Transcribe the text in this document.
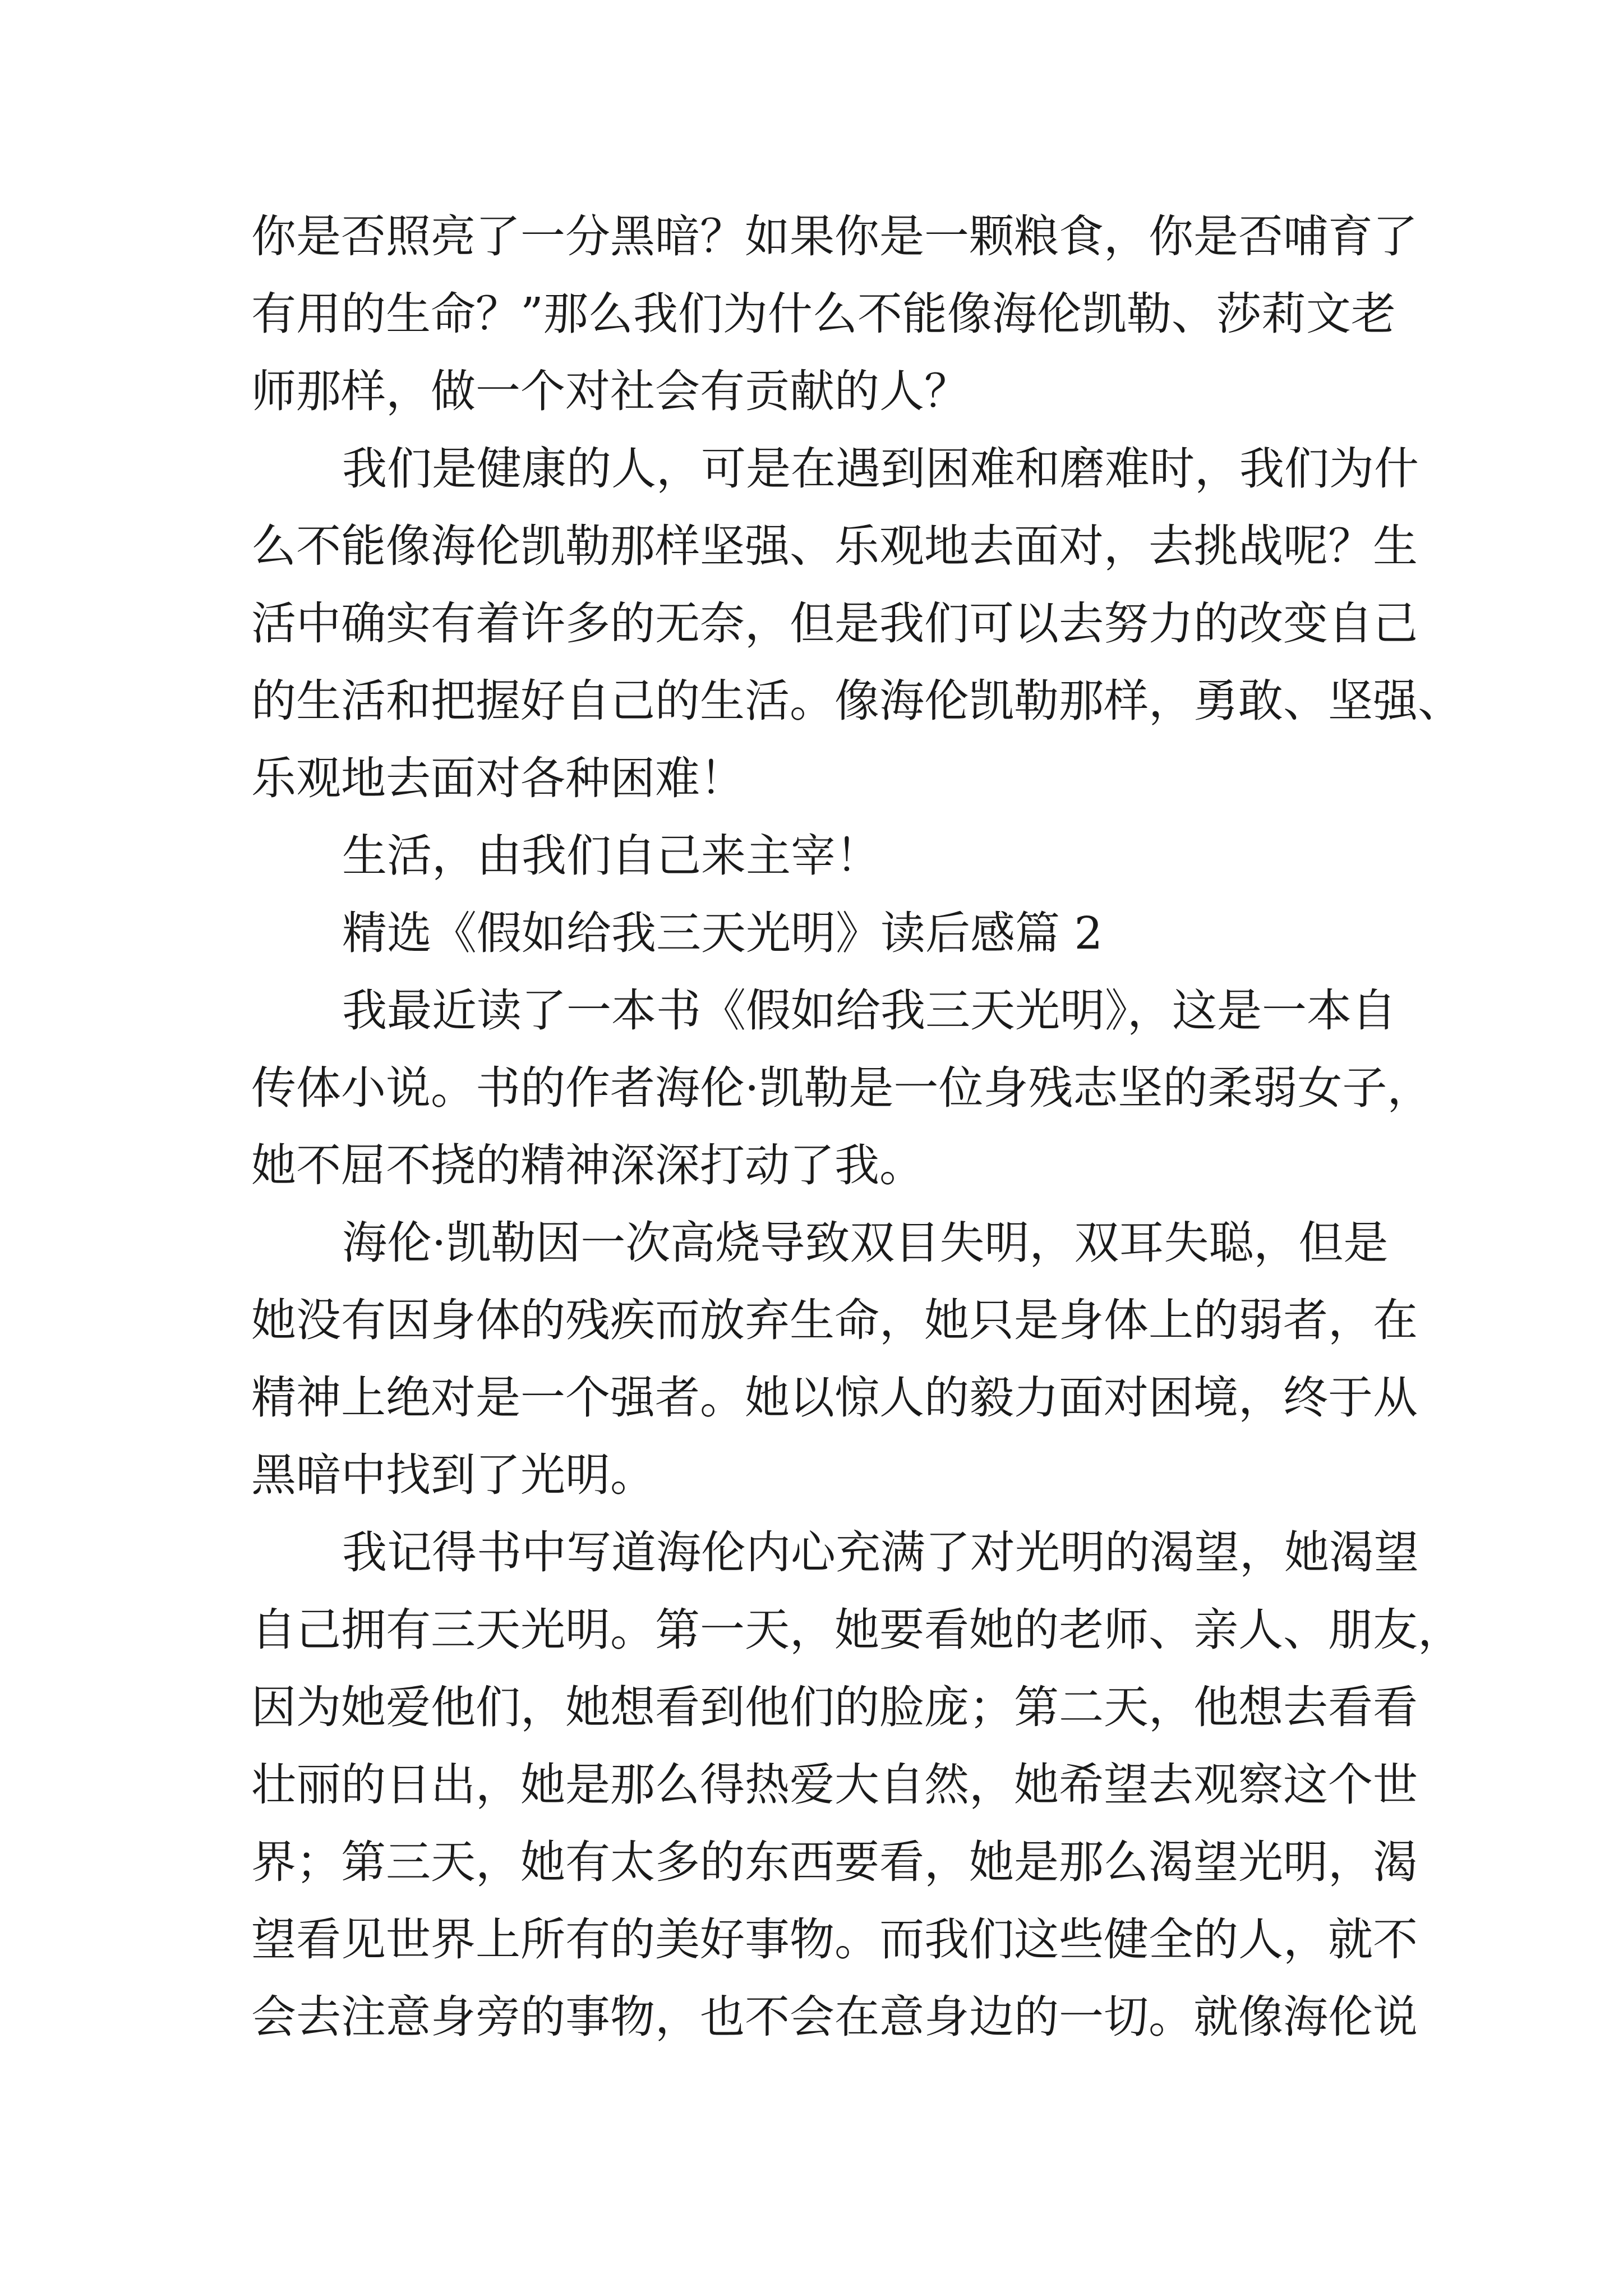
你是否照亮了一分黑暗？如果你是一颗粮食，你是否哺育了
有用的生命？”那么我们为什么不能像海伦凯勒、莎莉文老
师那样，做一个对社会有贡献的人？
我们是健康的人，可是在遇到困难和磨难时，我们为什
么不能像海伦凯勒那样坚强、乐观地去面对，去挑战呢？生
活中确实有着许多的无奈，但是我们可以去努力的改变自己
的生活和把握好自己的生活。像海伦凯勒那样，勇敢、坚强、
乐观地去面对各种困难！
生活，由我们自己来主宰！
精选《假如给我三天光明》读后感篇 2
我最近读了一本书《假如给我三天光明》，这是一本自
传体小说。书的作者海伦·凯勒是一位身残志坚的柔弱女子，
她不屈不挠的精神深深打动了我。
海伦·凯勒因一次高烧导致双目失明，双耳失聪，但是
她没有因身体的残疾而放弃生命，她只是身体上的弱者，在
精神上绝对是一个强者。她以惊人的毅力面对困境，终于从
黑暗中找到了光明。
我记得书中写道海伦内心充满了对光明的渴望，她渴望
自己拥有三天光明。第一天，她要看她的老师、亲人、朋友，
因为她爱他们，她想看到他们的脸庞；第二天，他想去看看
壮丽的日出，她是那么得热爱大自然，她希望去观察这个世
界；第三天，她有太多的东西要看，她是那么渴望光明，渴
望看见世界上所有的美好事物。而我们这些健全的人，就不
会去注意身旁的事物，也不会在意身边的一切。就像海伦说
